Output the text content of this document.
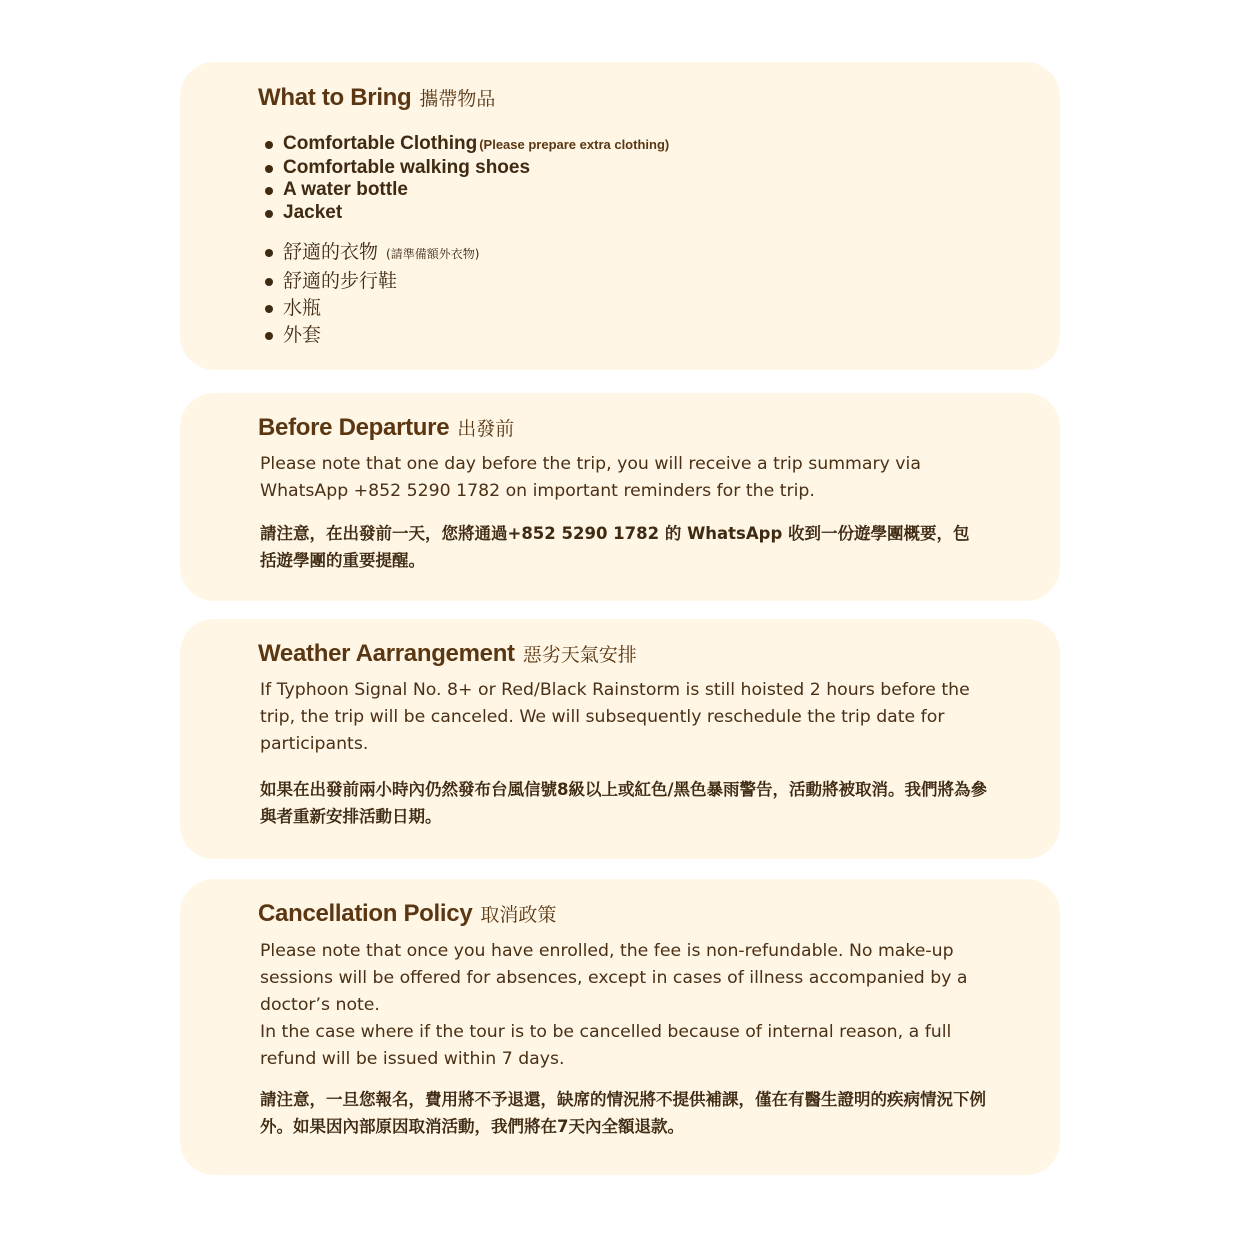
What to Bring 攜帶物品
Comfortable Clothing (Please prepare extra clothing)
Comfortable walking shoes
A water bottle
Jacket
舒適的衣物 (請準備額外衣物)
舒適的步行鞋
水瓶
外套
Before Departure 出發前

Please note that one day before the trip, you will receive a trip summary via WhatsApp +852 5290 1782 on important reminders for the trip.

請注意，在出發前一天，您將通過+852 5290 1782 的 WhatsApp 收到一份遊學團概要，包括遊學團的重要提醒。

Weather Aarrangement 惡劣天氣安排

If Typhoon Signal No. 8+ or Red/Black Rainstorm is still hoisted 2 hours before the trip, the trip will be canceled. We will subsequently reschedule the trip date for participants.

如果在出發前兩小時內仍然發布台風信號8級以上或紅色/黑色暴雨警告，活動將被取消。我們將為參與者重新安排活動日期。

Cancellation Policy 取消政策

Please note that once you have enrolled, the fee is non-refundable. No make-up sessions will be offered for absences, except in cases of illness accompanied by a doctor’s note.

In the case where if the tour is to be cancelled because of internal reason, a full refund will be issued within 7 days.

請注意，一旦您報名，費用將不予退還，缺席的情況將不提供補課，僅在有醫生證明的疾病情況下例外。如果因內部原因取消活動，我們將在7天內全額退款。
